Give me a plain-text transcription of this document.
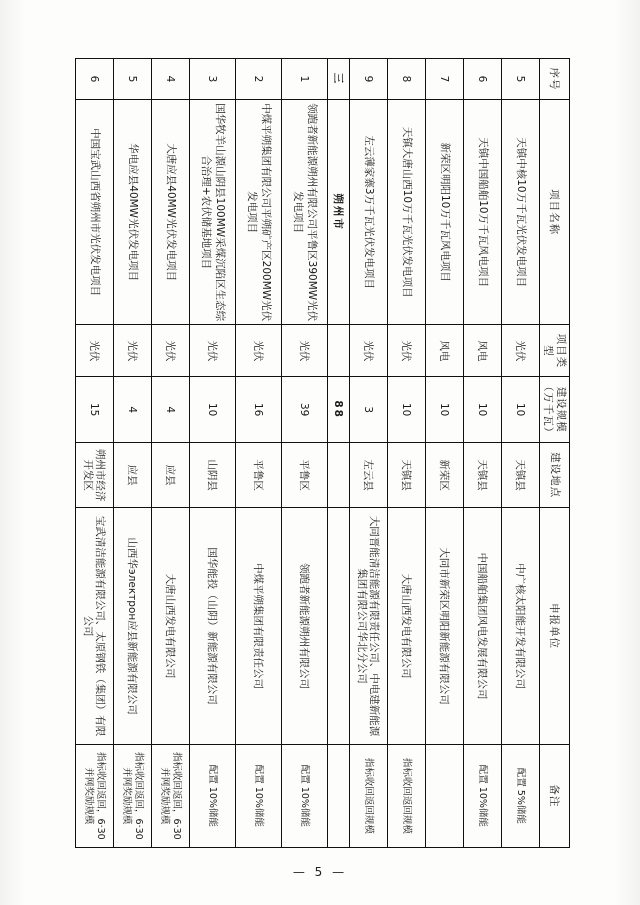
序号	项目名称	项目类型	建设规模（万千瓦）	建设地点	申报单位	备注
5	天镇中核10万千瓦光伏发电项目	光伏	10	天镇县	中广核太阳能开发有限公司	配置 5%储能
6	天镇中国船舶10万千瓦风电项目	风电	10	天镇县	中国船舶集团风电发展有限公司	配置 10%储能
7	新荣区明阳10万千瓦风电项目	风电	10	新荣区	大同市新荣区明阳新能源有限公司	
8	天镇大唐山西10万千瓦光伏发电项目	光伏	10	天镇县	大唐山西发电有限公司	指标收回返回规模
9	左云薄家寨3万千瓦光伏发电项目	光伏	3	左云县	大同晋能清洁能源有限责任公司、中电建新能源集团有限公司华北分公司	指标收回返回规模
三	朔州市		88			
1	领跑者新能源朔州有限公司平鲁区390MW光伏发电项目	光伏	39	平鲁区	领跑者新能源朔州有限公司	配置 10%储能
2	中煤平朔集团有限公司平朔矿产区200MW光伏发电项目	光伏	16	平鲁区	中煤平朔集团有限责任公司	配置 10%储能
3	国华牧羊山源山阴县100MW采煤沉陷区生态综合治理+农伏储基地项目	光伏	10	山阴县	国华能投（山阴）新能源有限公司	配置 10%储能
4	大唐应县40MW光伏发电项目	光伏	4	应县	大唐山西发电有限公司	指标收回返回，6·30并网奖励规模
5	华电应县40MW光伏发电项目	光伏	4	应县	山西华электрон应县新能源有限公司	指标收回返回，6·30并网奖励规模
6	中国宝武山西省朔州市光伏发电项目	光伏	15	朔州市经济开发区	宝武清洁能源有限公司、太原钢铁（集团）有限公司	指标收回返回，6·30并网奖励规模
— 5 —
